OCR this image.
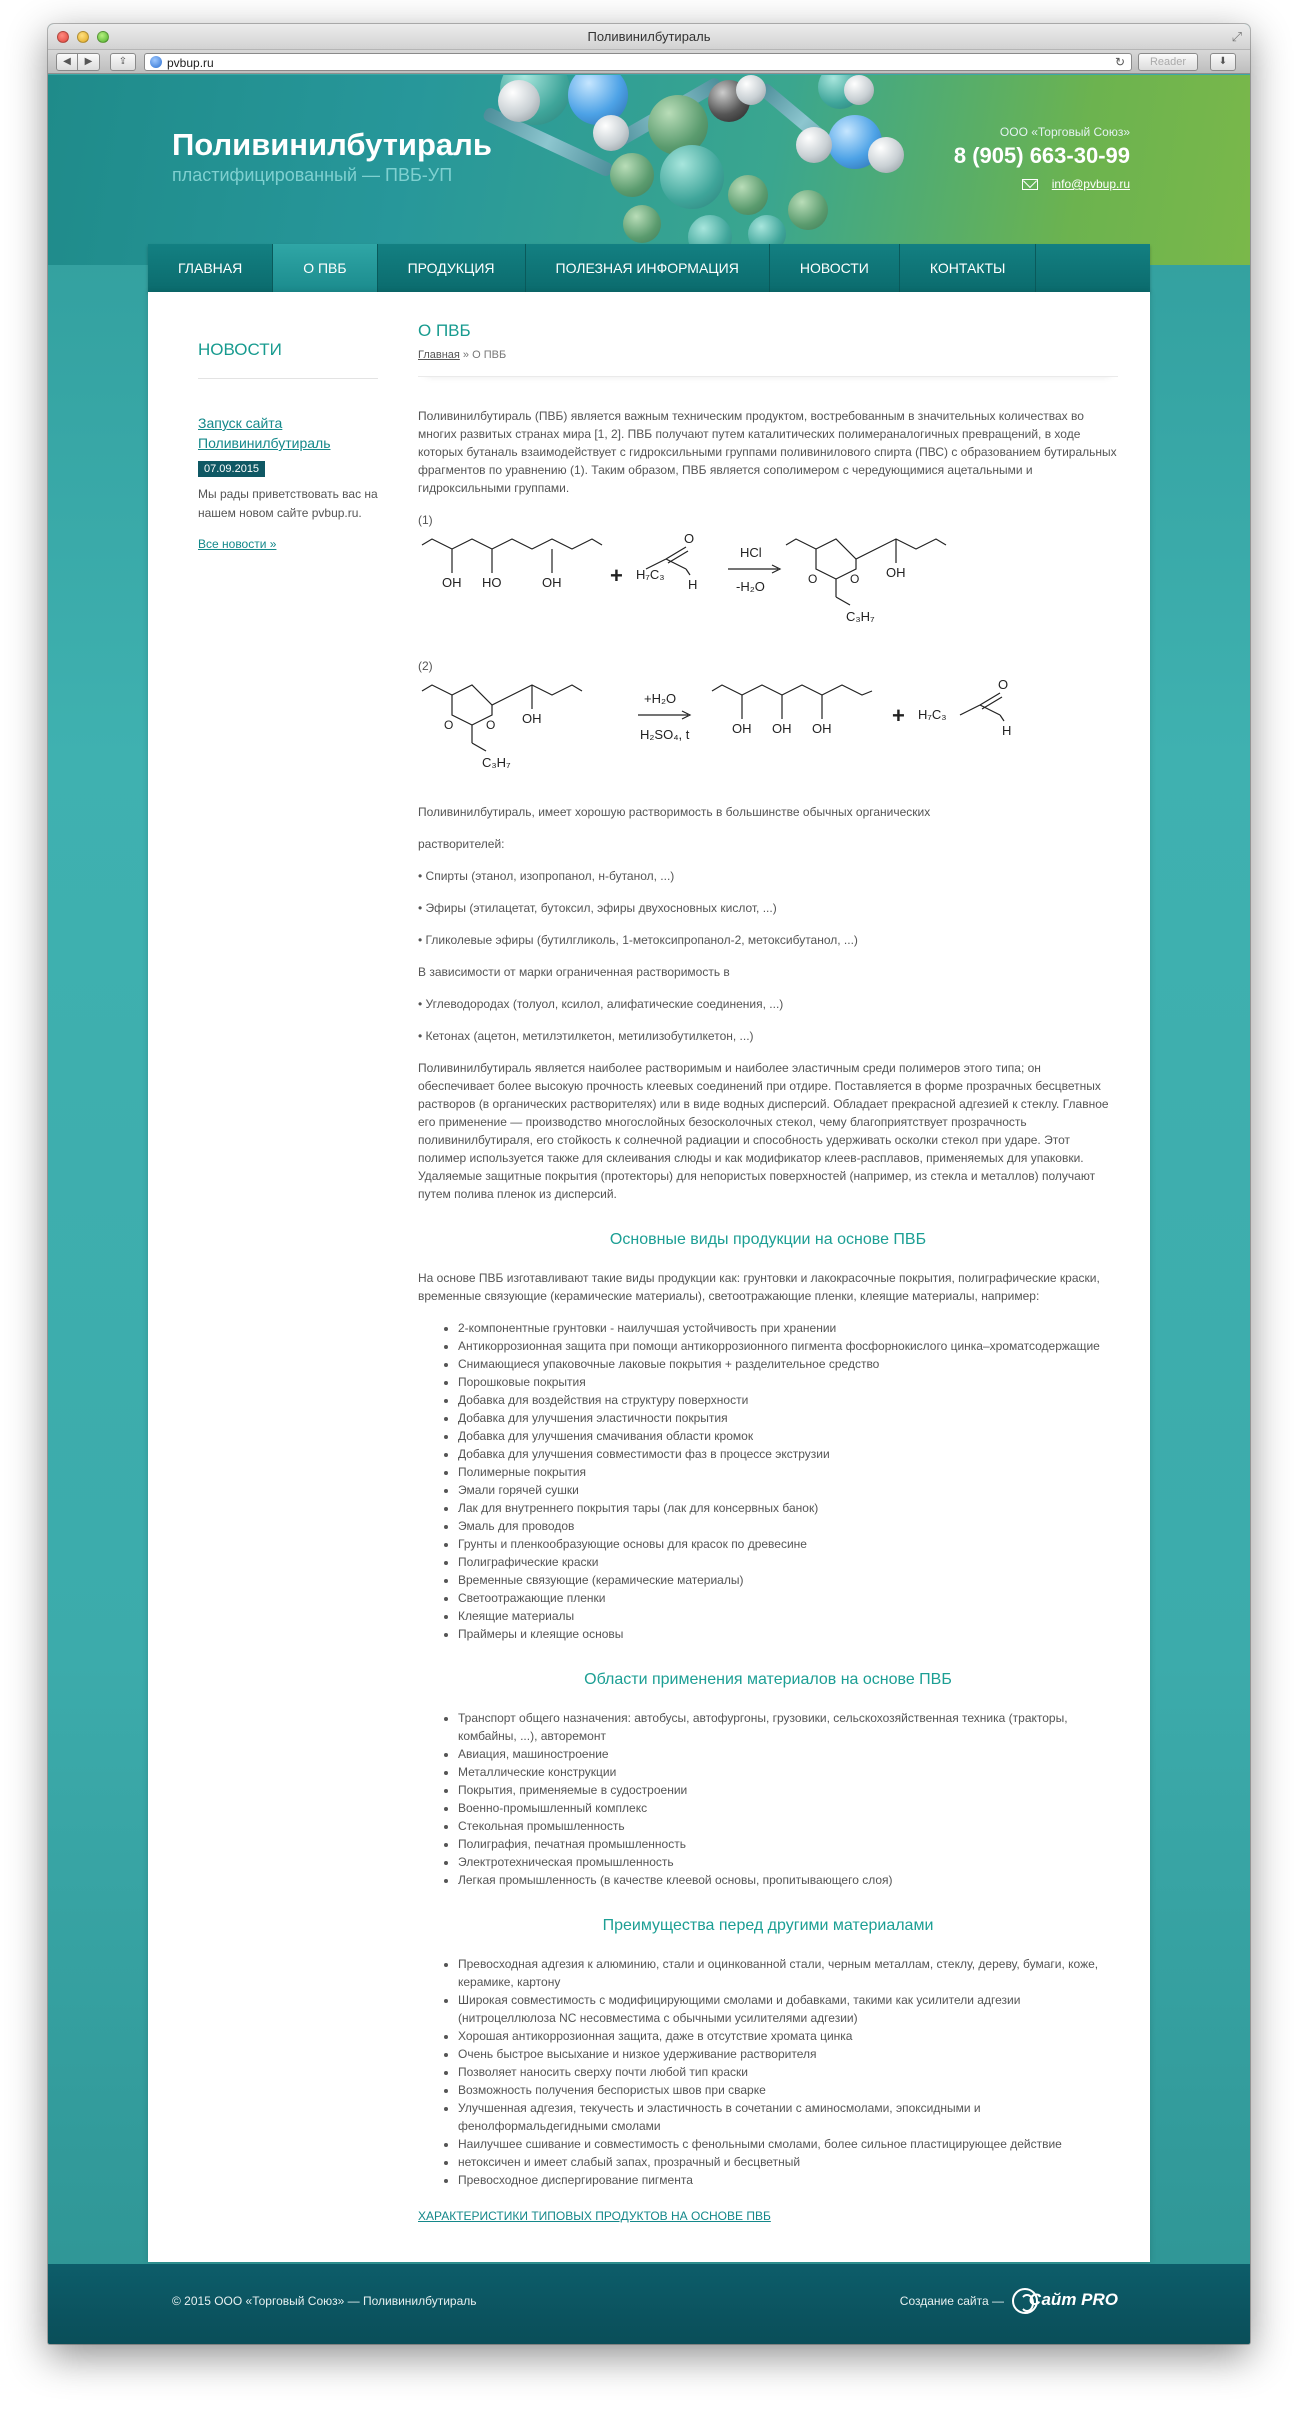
Поливинилбутираль	⤢
◀	▶	⇪	pvbup.ru	↻	Reader	⬇
Поливинилбутираль
пластифицированный — ПВБ-УП
ООО «Торговый Союз»
8 (905) 663-30-99
info@pvbup.ru
ГЛАВНАЯ	О ПВБ	ПРОДУКЦИЯ	ПОЛЕЗНАЯ ИНФОРМАЦИЯ	НОВОСТИ	КОНТАКТЫ
НОВОСТИ
Запуск сайта Поливинилбутираль
07.09.2015
Мы рады приветствовать вас на нашем новом сайте pvbup.ru.
Все новости »
О ПВБ
Главная » О ПВБ
Поливинилбутираль (ПВБ) является важным техническим продуктом, востребованным в значительных количествах во многих развитых странах мира [1, 2]. ПВБ получают путем каталитических полимераналогичных превращений, в ходе которых бутаналь взаимодействует с гидроксильными группами поливинилового спирта (ПВС) с образованием бутиральных фрагментов по уравнению (1). Таким образом, ПВБ является сополимером с чередующимися ацетальными и гидроксильными группами.
(1)
OH HO	OH + H₇C₃
O
H
HCl
-H₂O	O	O OH
C₃H₇
(2)
O	O OH
C₃H₇
+H₂O
H₂SO₄, t	OH OH OH
+ H₇C₃
O
H
Поливинилбутираль, имеет хорошую растворимость в большинстве обычных органических
растворителей:
• Спирты (этанол, изопропанол, н-бутанол, ...)
• Эфиры (этилацетат, бутоксил, эфиры двухосновных кислот, ...)
• Гликолевые эфиры (бутилгликоль, 1-метоксипропанол-2, метоксибутанол, ...)
В зависимости от марки ограниченная растворимость в
• Углеводородах (толуол, ксилол, алифатические соединения, ...)
• Кетонах (ацетон, метилэтилкетон, метилизобутилкетон, ...)
Поливинилбутираль является наиболее растворимым и наиболее эластичным среди полимеров этого типа; он обеспечивает более высокую прочность клеевых соединений при отдире. Поставляется в форме прозрачных бесцветных растворов (в органических растворителях) или в виде водных дисперсий. Обладает прекрасной адгезией к стеклу. Главное его применение — производство многослойных безосколочных стекол, чему благоприятствует прозрачность поливинилбутираля, его стойкость к солнечной радиации и способность удерживать осколки стекол при ударе. Этот полимер используется также для склеивания слюды и как модификатор клеев-расплавов, применяемых для упаковки. Удаляемые защитные покрытия (протекторы) для непористых поверхностей (например, из стекла и металлов) получают путем полива пленок из дисперсий.
Основные виды продукции на основе ПВБ
На основе ПВБ изготавливают такие виды продукции как: грунтовки и лакокрасочные покрытия, полиграфические краски, временные связующие (керамические материалы), светоотражающие пленки, клеящие материалы, например:
• 2-компонентные грунтовки - наилучшая устойчивость при хранении
• Антикоррозионная защита при помощи антикоррозионного пигмента фосфорнокислого цинка–хроматсодержащие
• Снимающиеся упаковочные лаковые покрытия + разделительное средство
• Порошковые покрытия
• Добавка для воздействия на структуру поверхности
• Добавка для улучшения эластичности покрытия
• Добавка для улучшения смачивания области кромок
• Добавка для улучшения совместимости фаз в процессе экструзии
• Полимерные покрытия
• Эмали горячей сушки
• Лак для внутреннего покрытия тары (лак для консервных банок)
• Эмаль для проводов
• Грунты и пленкообразующие основы для красок по древесине
• Полиграфические краски
• Временные связующие (керамические материалы)
• Светоотражающие пленки
• Клеящие материалы
• Праймеры и клеящие основы
Области применения материалов на основе ПВБ
• Транспорт общего назначения: автобусы, автофургоны, грузовики, сельскохозяйственная техника (тракторы, комбайны, ...), авторемонт
• Авиация, машиностроение
• Металлические конструкции
• Покрытия, применяемые в судостроении
• Военно-промышленный комплекс
• Стекольная промышленность
• Полиграфия, печатная промышленность
• Электротехническая промышленность
• Легкая промышленность (в качестве клеевой основы, пропитывающего слоя)
Преимущества перед другими материалами
• Превосходная адгезия к алюминию, стали и оцинкованной стали, черным металлам, стеклу, дереву, бумаги, коже, керамике, картону
• Широкая совместимость с модифицирующими смолами и добавками, такими как усилители адгезии (нитроцеллюлоза NC несовместима с обычными усилителями адгезии)
• Хорошая антикоррозионная защита, даже в отсутствие хромата цинка
• Очень быстрое высыхание и низкое удерживание растворителя
• Позволяет наносить сверху почти любой тип краски
• Возможность получения беспористых швов при сварке
• Улучшенная адгезия, текучесть и эластичность в сочетании с аминосмолами, эпоксидными и фенолформальдегидными смолами
• Наилучшее сшивание и совместимость с фенольными смолами, более сильное пластицирующее действие
• нетоксичен и имеет слабый запах, прозрачный и бесцветный
• Превосходное диспергирование пигмента
ХАРАКТЕРИСТИКИ ТИПОВЫХ ПРОДУКТОВ НА ОСНОВЕ ПВБ
© 2015 ООО «Торговый Союз» — Поливинилбутираль	Создание сайта — Сайт PRO
